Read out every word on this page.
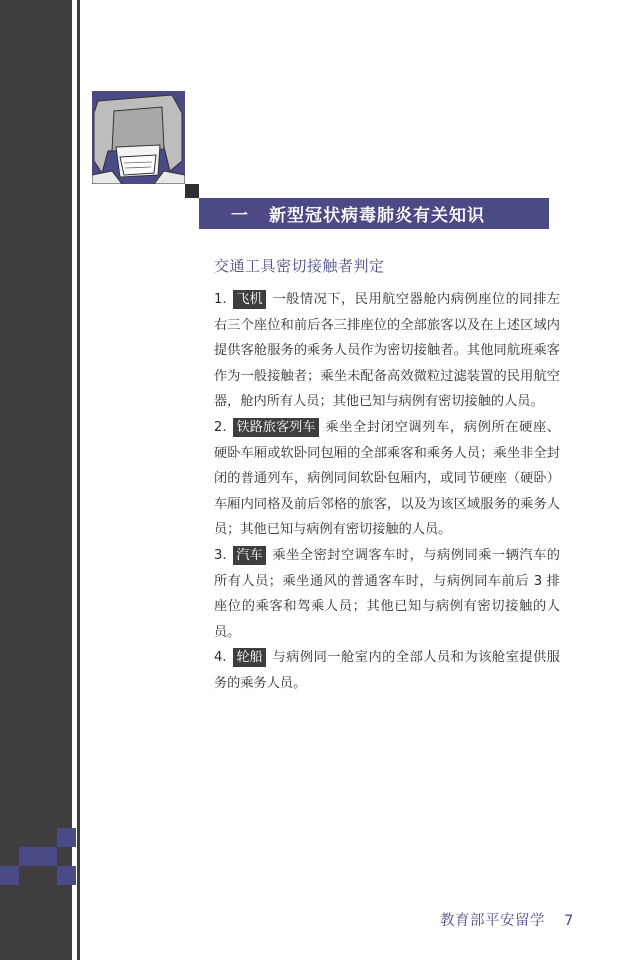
一 新型冠状病毒肺炎有关知识
交通工具密切接触者判定

1. 飞机 一般情况下，民用航空器舱内病例座位的同排左右三个座位和前后各三排座位的全部旅客以及在上述区域内提供客舱服务的乘务人员作为密切接触者。其他同航班乘客作为一般接触者；乘坐未配备高效微粒过滤装置的民用航空器，舱内所有人员；其他已知与病例有密切接触的人员。

2. 铁路旅客列车 乘坐全封闭空调列车，病例所在硬座、硬卧车厢或软卧同包厢的全部乘客和乘务人员；乘坐非全封闭的普通列车，病例同间软卧包厢内，或同节硬座（硬卧）车厢内同格及前后邻格的旅客，以及为该区域服务的乘务人员；其他已知与病例有密切接触的人员。

3. 汽车 乘坐全密封空调客车时，与病例同乘一辆汽车的所有人员；乘坐通风的普通客车时，与病例同车前后 3 排座位的乘客和驾乘人员；其他已知与病例有密切接触的人员。

4. 轮船 与病例同一舱室内的全部人员和为该舱室提供服务的乘务人员。

教育部平安留学 7
